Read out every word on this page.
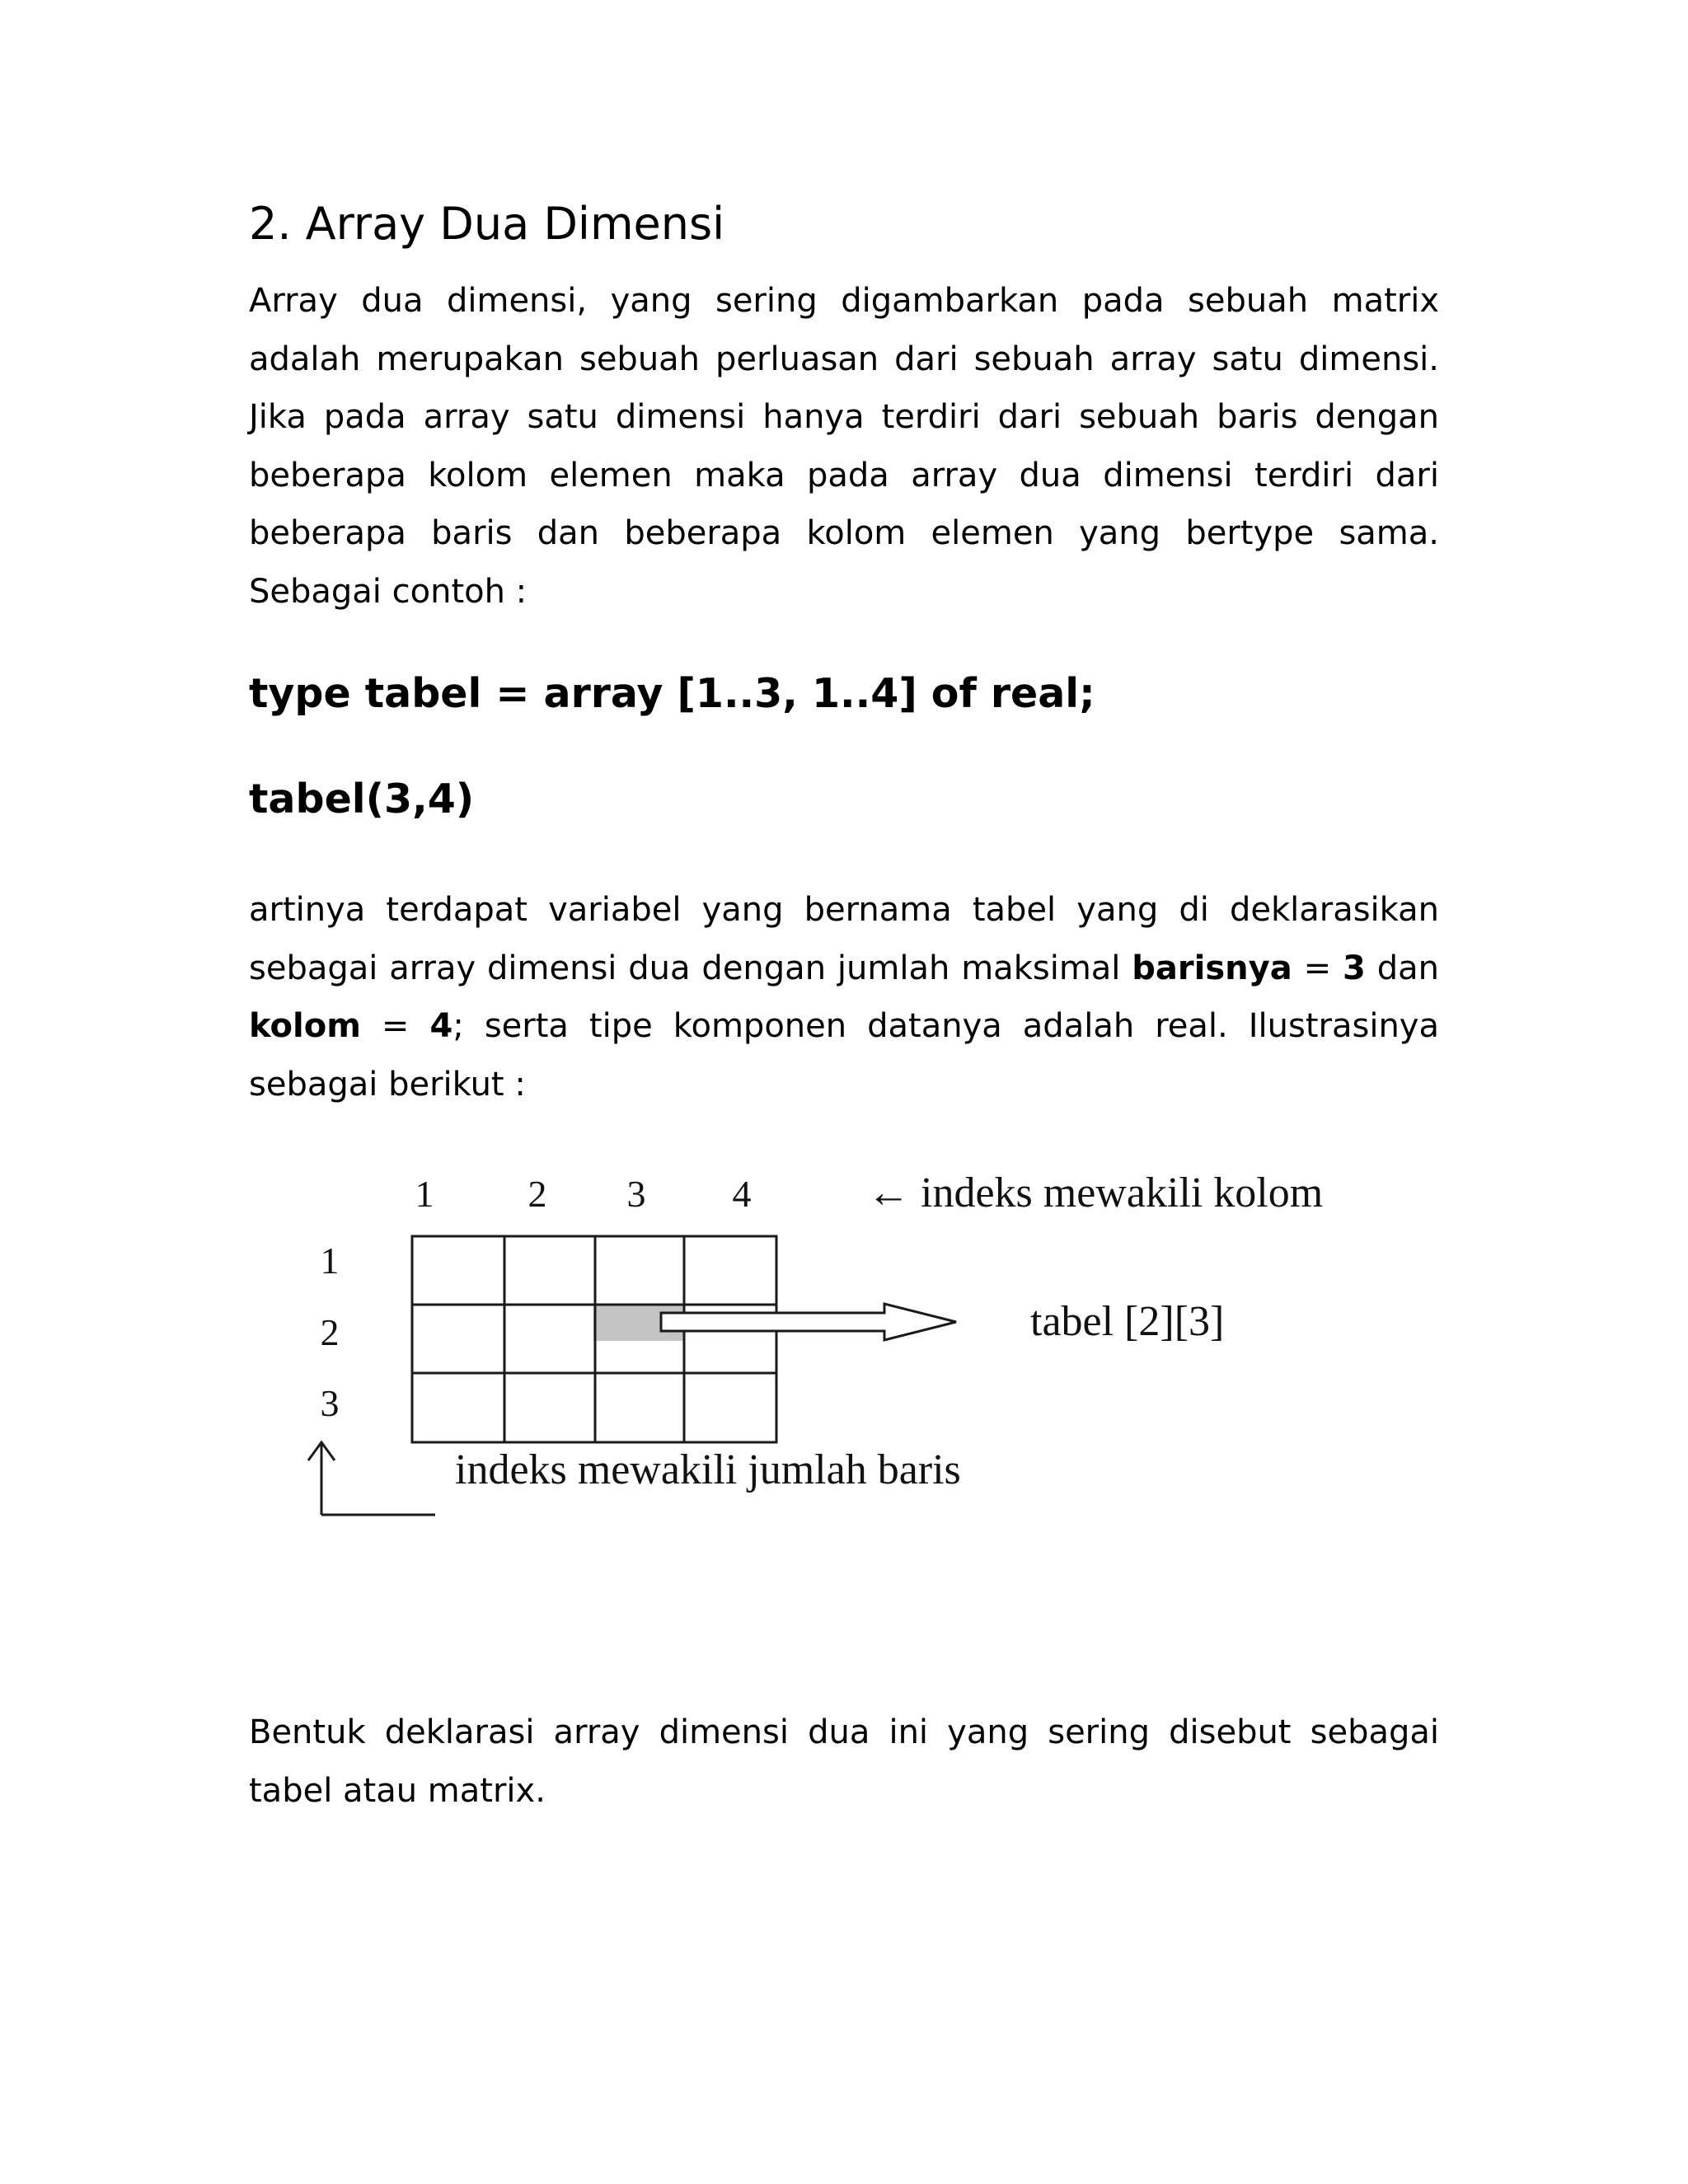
2. Array Dua Dimensi

Array dua dimensi, yang sering digambarkan pada sebuah matrix adalah merupakan sebuah perluasan dari sebuah array satu dimensi. Jika pada array satu dimensi hanya terdiri dari sebuah baris dengan beberapa kolom elemen maka pada array dua dimensi terdiri dari beberapa baris dan beberapa kolom elemen yang bertype sama. Sebagai contoh :

type tabel = array [1..3, 1..4] of real;

tabel(3,4)

artinya terdapat variabel yang bernama tabel yang di deklarasikan sebagai array dimensi dua dengan jumlah maksimal barisnya = 3 dan kolom = 4; serta tipe komponen datanya adalah real. Ilustrasinya sebagai berikut :

1 2 3 4	← indeks mewakili kolom
1
2
3
tabel [2][3]
indeks mewakili jumlah baris

Bentuk deklarasi array dimensi dua ini yang sering disebut sebagai tabel atau matrix.
